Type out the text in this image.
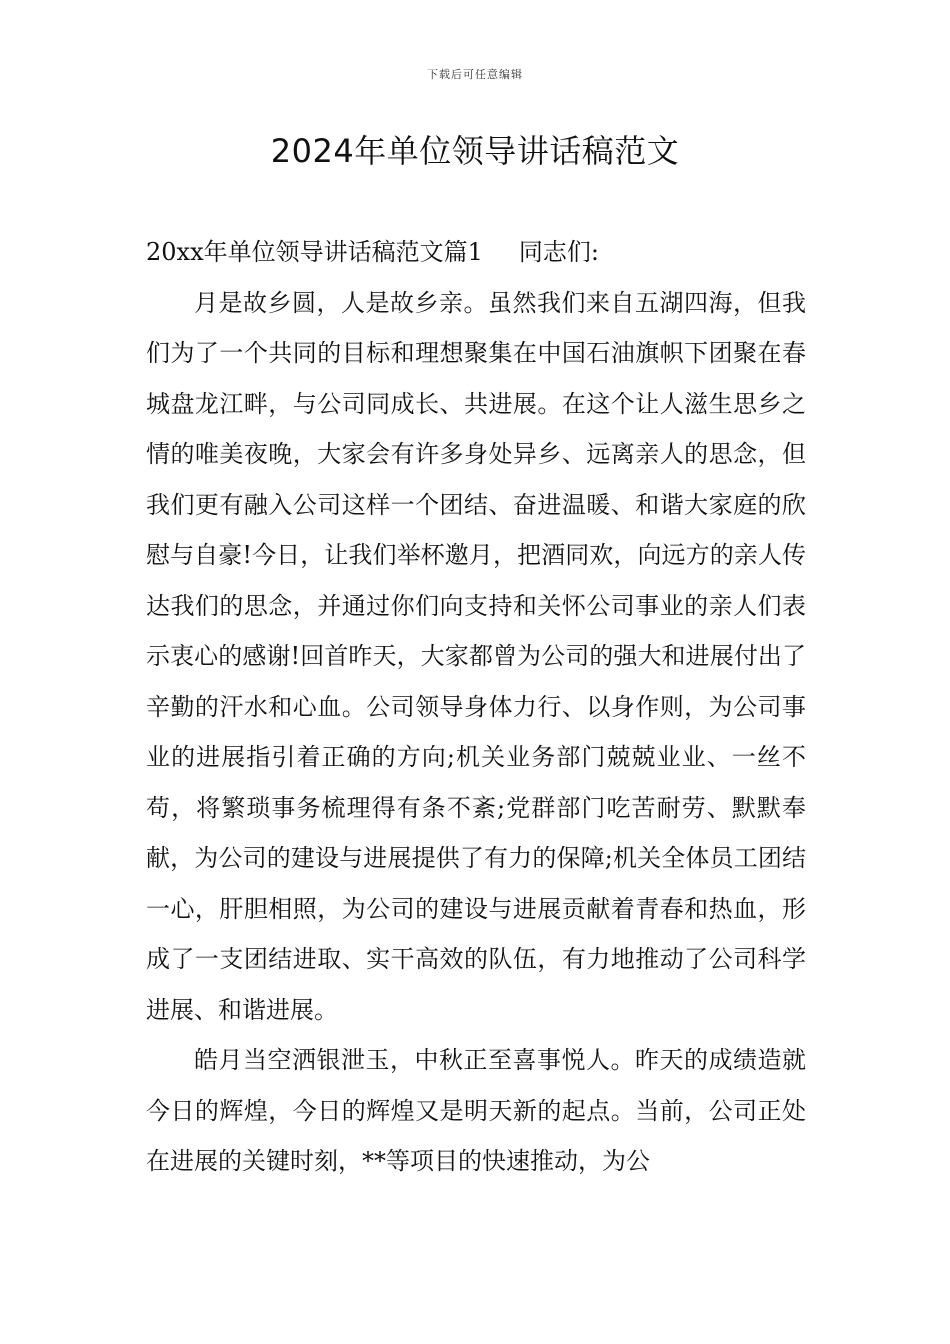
下载后可任意编辑
2024年单位领导讲话稿范文

20xx年单位领导讲话稿范文篇1 同志们:

月是故乡圆，人是故乡亲。虽然我们来自五湖四海，但我们为了一个共同的目标和理想聚集在中国石油旗帜下团聚在春城盘龙江畔，与公司同成长、共进展。在这个让人滋生思乡之情的唯美夜晚，大家会有许多身处异乡、远离亲人的思念，但我们更有融入公司这样一个团结、奋进温暖、和谐大家庭的欣慰与自豪!今日，让我们举杯邀月，把酒同欢，向远方的亲人传达我们的思念，并通过你们向支持和关怀公司事业的亲人们表示衷心的感谢!回首昨天，大家都曾为公司的强大和进展付出了辛勤的汗水和心血。公司领导身体力行、以身作则，为公司事业的进展指引着正确的方向;机关业务部门兢兢业业、一丝不苟，将繁琐事务梳理得有条不紊;党群部门吃苦耐劳、默默奉献，为公司的建设与进展提供了有力的保障;机关全体员工团结一心，肝胆相照，为公司的建设与进展贡献着青春和热血，形成了一支团结进取、实干高效的队伍，有力地推动了公司科学进展、和谐进展。

皓月当空洒银泄玉，中秋正至喜事悦人。昨天的成绩造就今日的辉煌，今日的辉煌又是明天新的起点。当前，公司正处在进展的关键时刻，**等项目的快速推动，为公
